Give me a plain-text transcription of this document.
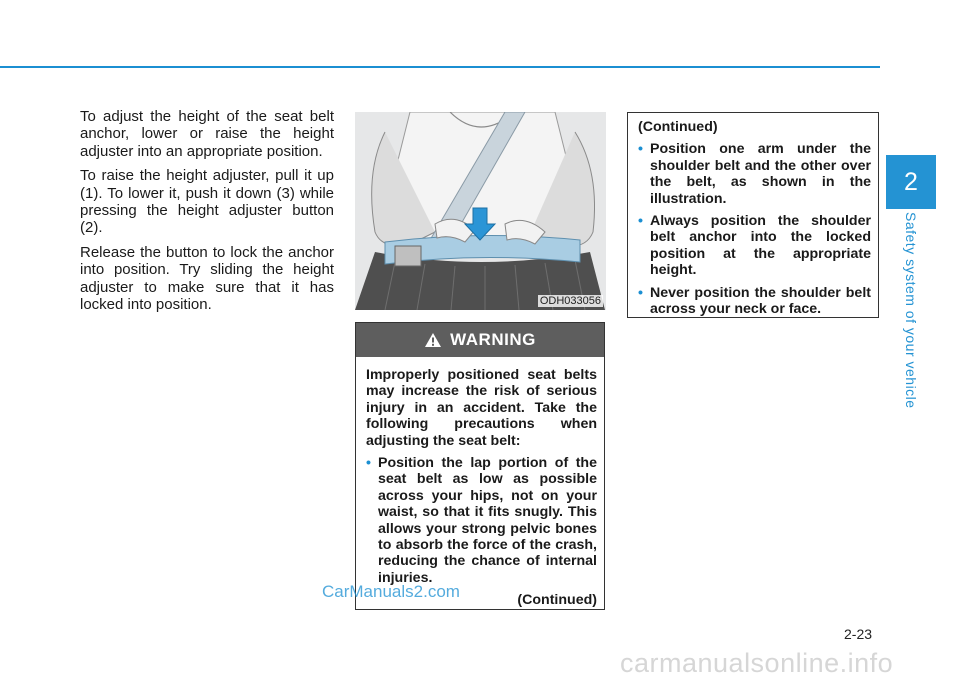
2
Safety system of your vehicle

To adjust the height of the seat belt anchor, lower or raise the height adjuster into an appropriate position.

To raise the height adjuster, pull it up (1). To lower it, push it down (3) while pressing the height adjuster button (2).

Release the button to lock the anchor into position. Try sliding the height adjuster to make sure that it has locked into position.	ODH033056
WARNING

Improperly positioned seat belts may increase the risk of serious injury in an accident. Take the following precautions when adjusting the seat belt:

• Position the lap portion of the seat belt as low as possible across your hips, not on your waist, so that it fits snugly. This allows your strong pelvic bones to absorb the force of the crash, reducing the chance of internal injuries.
(Continued)

(Continued)

• Position one arm under the shoulder belt and the other over the belt, as shown in the illustration.
• Always position the shoulder belt anchor into the locked position at the appropriate height.
• Never position the shoulder belt across your neck or face.
CarManuals2.com
2-23
carmanualsonline.info
